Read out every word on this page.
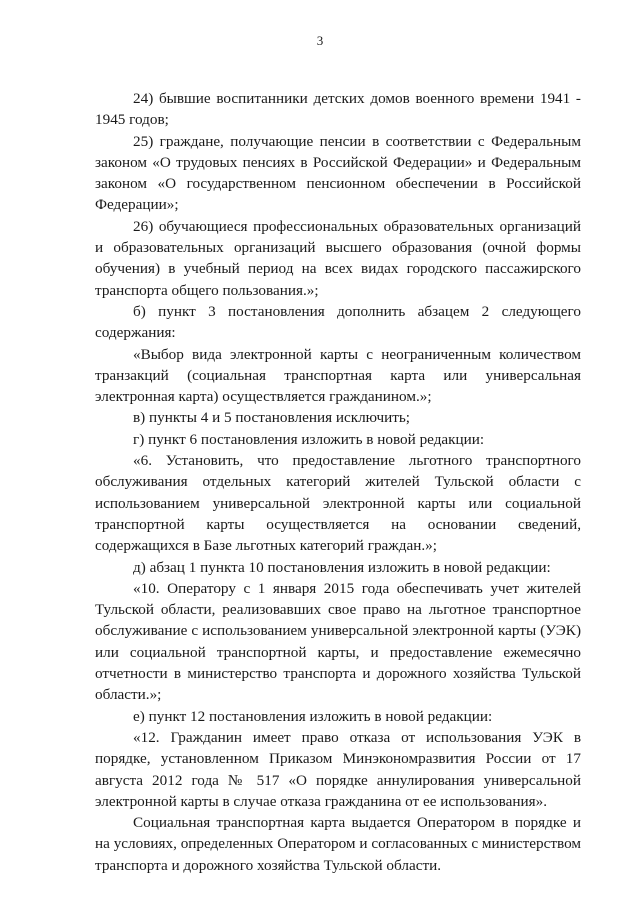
3

24) бывшие воспитанники детских домов военного времени 1941 - 1945 годов;

25) граждане, получающие пенсии в соответствии с Федеральным законом «О трудовых пенсиях в Российской Федерации» и Федеральным законом «О государственном пенсионном обеспечении в Российской Федерации»;

26) обучающиеся профессиональных образовательных организаций и образовательных организаций высшего образования (очной формы обучения) в учебный период на всех видах городского пассажирского транспорта общего пользования.»;

б) пункт 3 постановления дополнить абзацем 2 следующего содержания:

«Выбор вида электронной карты с неограниченным количеством транзакций (социальная транспортная карта или универсальная электронная карта) осуществляется гражданином.»;

в) пункты 4 и 5 постановления исключить;

г) пункт 6 постановления изложить в новой редакции:

«6. Установить, что предоставление льготного транспортного обслуживания отдельных категорий жителей Тульской области с использованием универсальной электронной карты или социальной транспортной карты осуществляется на основании сведений, содержащихся в Базе льготных категорий граждан.»;

д) абзац 1 пункта 10 постановления изложить в новой редакции:

«10. Оператору с 1 января 2015 года обеспечивать учет жителей Тульской области, реализовавших свое право на льготное транспортное обслуживание с использованием универсальной электронной карты (УЭК) или социальной транспортной карты, и предоставление ежемесячно отчетности в министерство транспорта и дорожного хозяйства Тульской области.»;

е) пункт 12 постановления изложить в новой редакции:

«12. Гражданин имеет право отказа от использования УЭК в порядке, установленном Приказом Минэкономразвития России от 17 августа 2012 года № 517 «О порядке аннулирования универсальной электронной карты в случае отказа гражданина от ее использования».

Социальная транспортная карта выдается Оператором в порядке и на условиях, определенных Оператором и согласованных с министерством транспорта и дорожного хозяйства Тульской области.
